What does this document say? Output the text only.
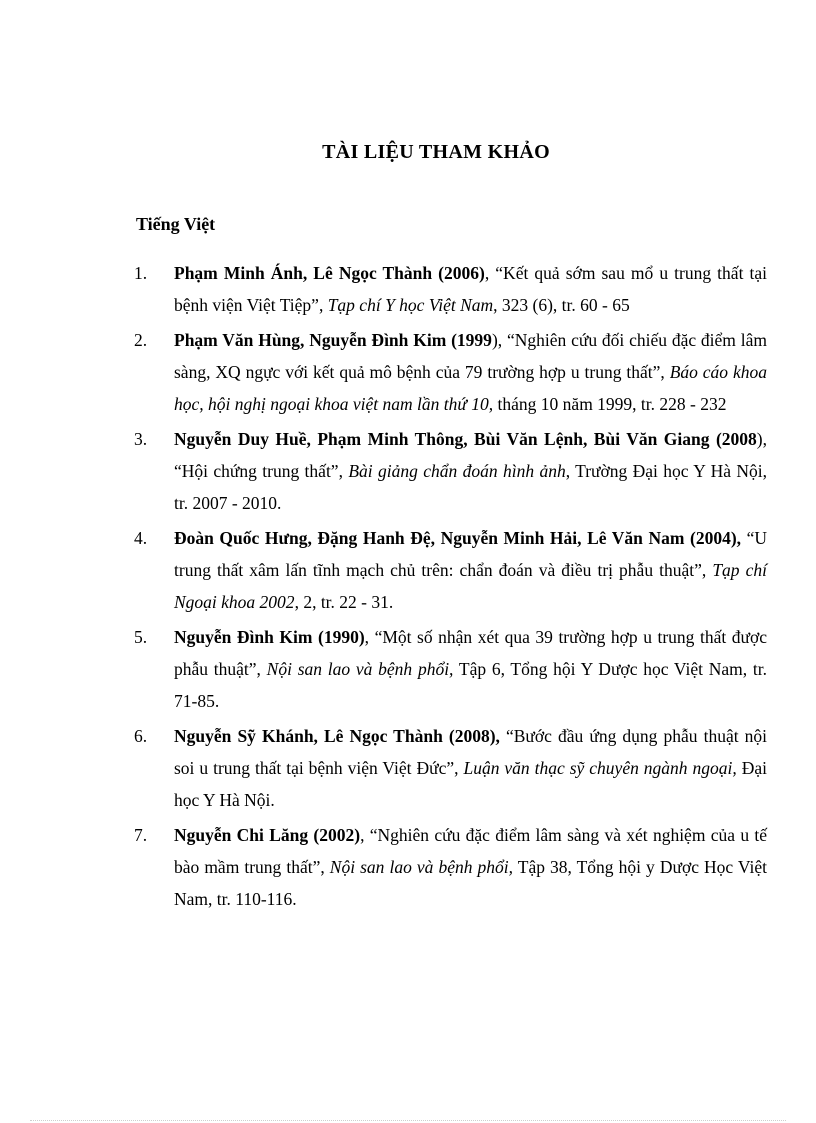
TÀI LIỆU THAM KHẢO
Tiếng Việt
1. Phạm Minh Ánh, Lê Ngọc Thành (2006), “Kết quả sớm sau mổ u trung thất tại bệnh viện Việt Tiệp”, Tạp chí Y học Việt Nam, 323 (6), tr. 60 - 65
2. Phạm Văn Hùng, Nguyễn Đình Kim (1999), “Nghiên cứu đối chiếu đặc điểm lâm sàng, XQ ngực với kết quả mô bệnh của 79 trường hợp u trung thất”, Báo cáo khoa học, hội nghị ngoại khoa việt nam lần thứ 10, tháng 10 năm 1999, tr. 228 - 232
3. Nguyễn Duy Huề, Phạm Minh Thông, Bùi Văn Lệnh, Bùi Văn Giang (2008), “Hội chứng trung thất”, Bài giảng chẩn đoán hình ảnh, Trường Đại học Y Hà Nội, tr. 2007 - 2010.
4. Đoàn Quốc Hưng, Đặng Hanh Đệ, Nguyễn Minh Hải, Lê Văn Nam (2004), “U trung thất xâm lấn tĩnh mạch chủ trên: chẩn đoán và điều trị phẫu thuật”, Tạp chí Ngoại khoa 2002, 2, tr. 22 - 31.
5. Nguyễn Đình Kim (1990), “Một số nhận xét qua 39 trường hợp u trung thất được phẫu thuật”, Nội san lao và bệnh phổi, Tập 6, Tổng hội Y Dược học Việt Nam, tr. 71-85.
6. Nguyễn Sỹ Khánh, Lê Ngọc Thành (2008), “Bước đầu ứng dụng phẫu thuật nội soi u trung thất tại bệnh viện Việt Đức”, Luận văn thạc sỹ chuyên ngành ngoại, Đại học Y Hà Nội.
7. Nguyễn Chi Lăng (2002), “Nghiên cứu đặc điểm lâm sàng và xét nghiệm của u tế bào mầm trung thất”, Nội san lao và bệnh phổi, Tập 38, Tổng hội y Dược Học Việt Nam, tr. 110-116.
